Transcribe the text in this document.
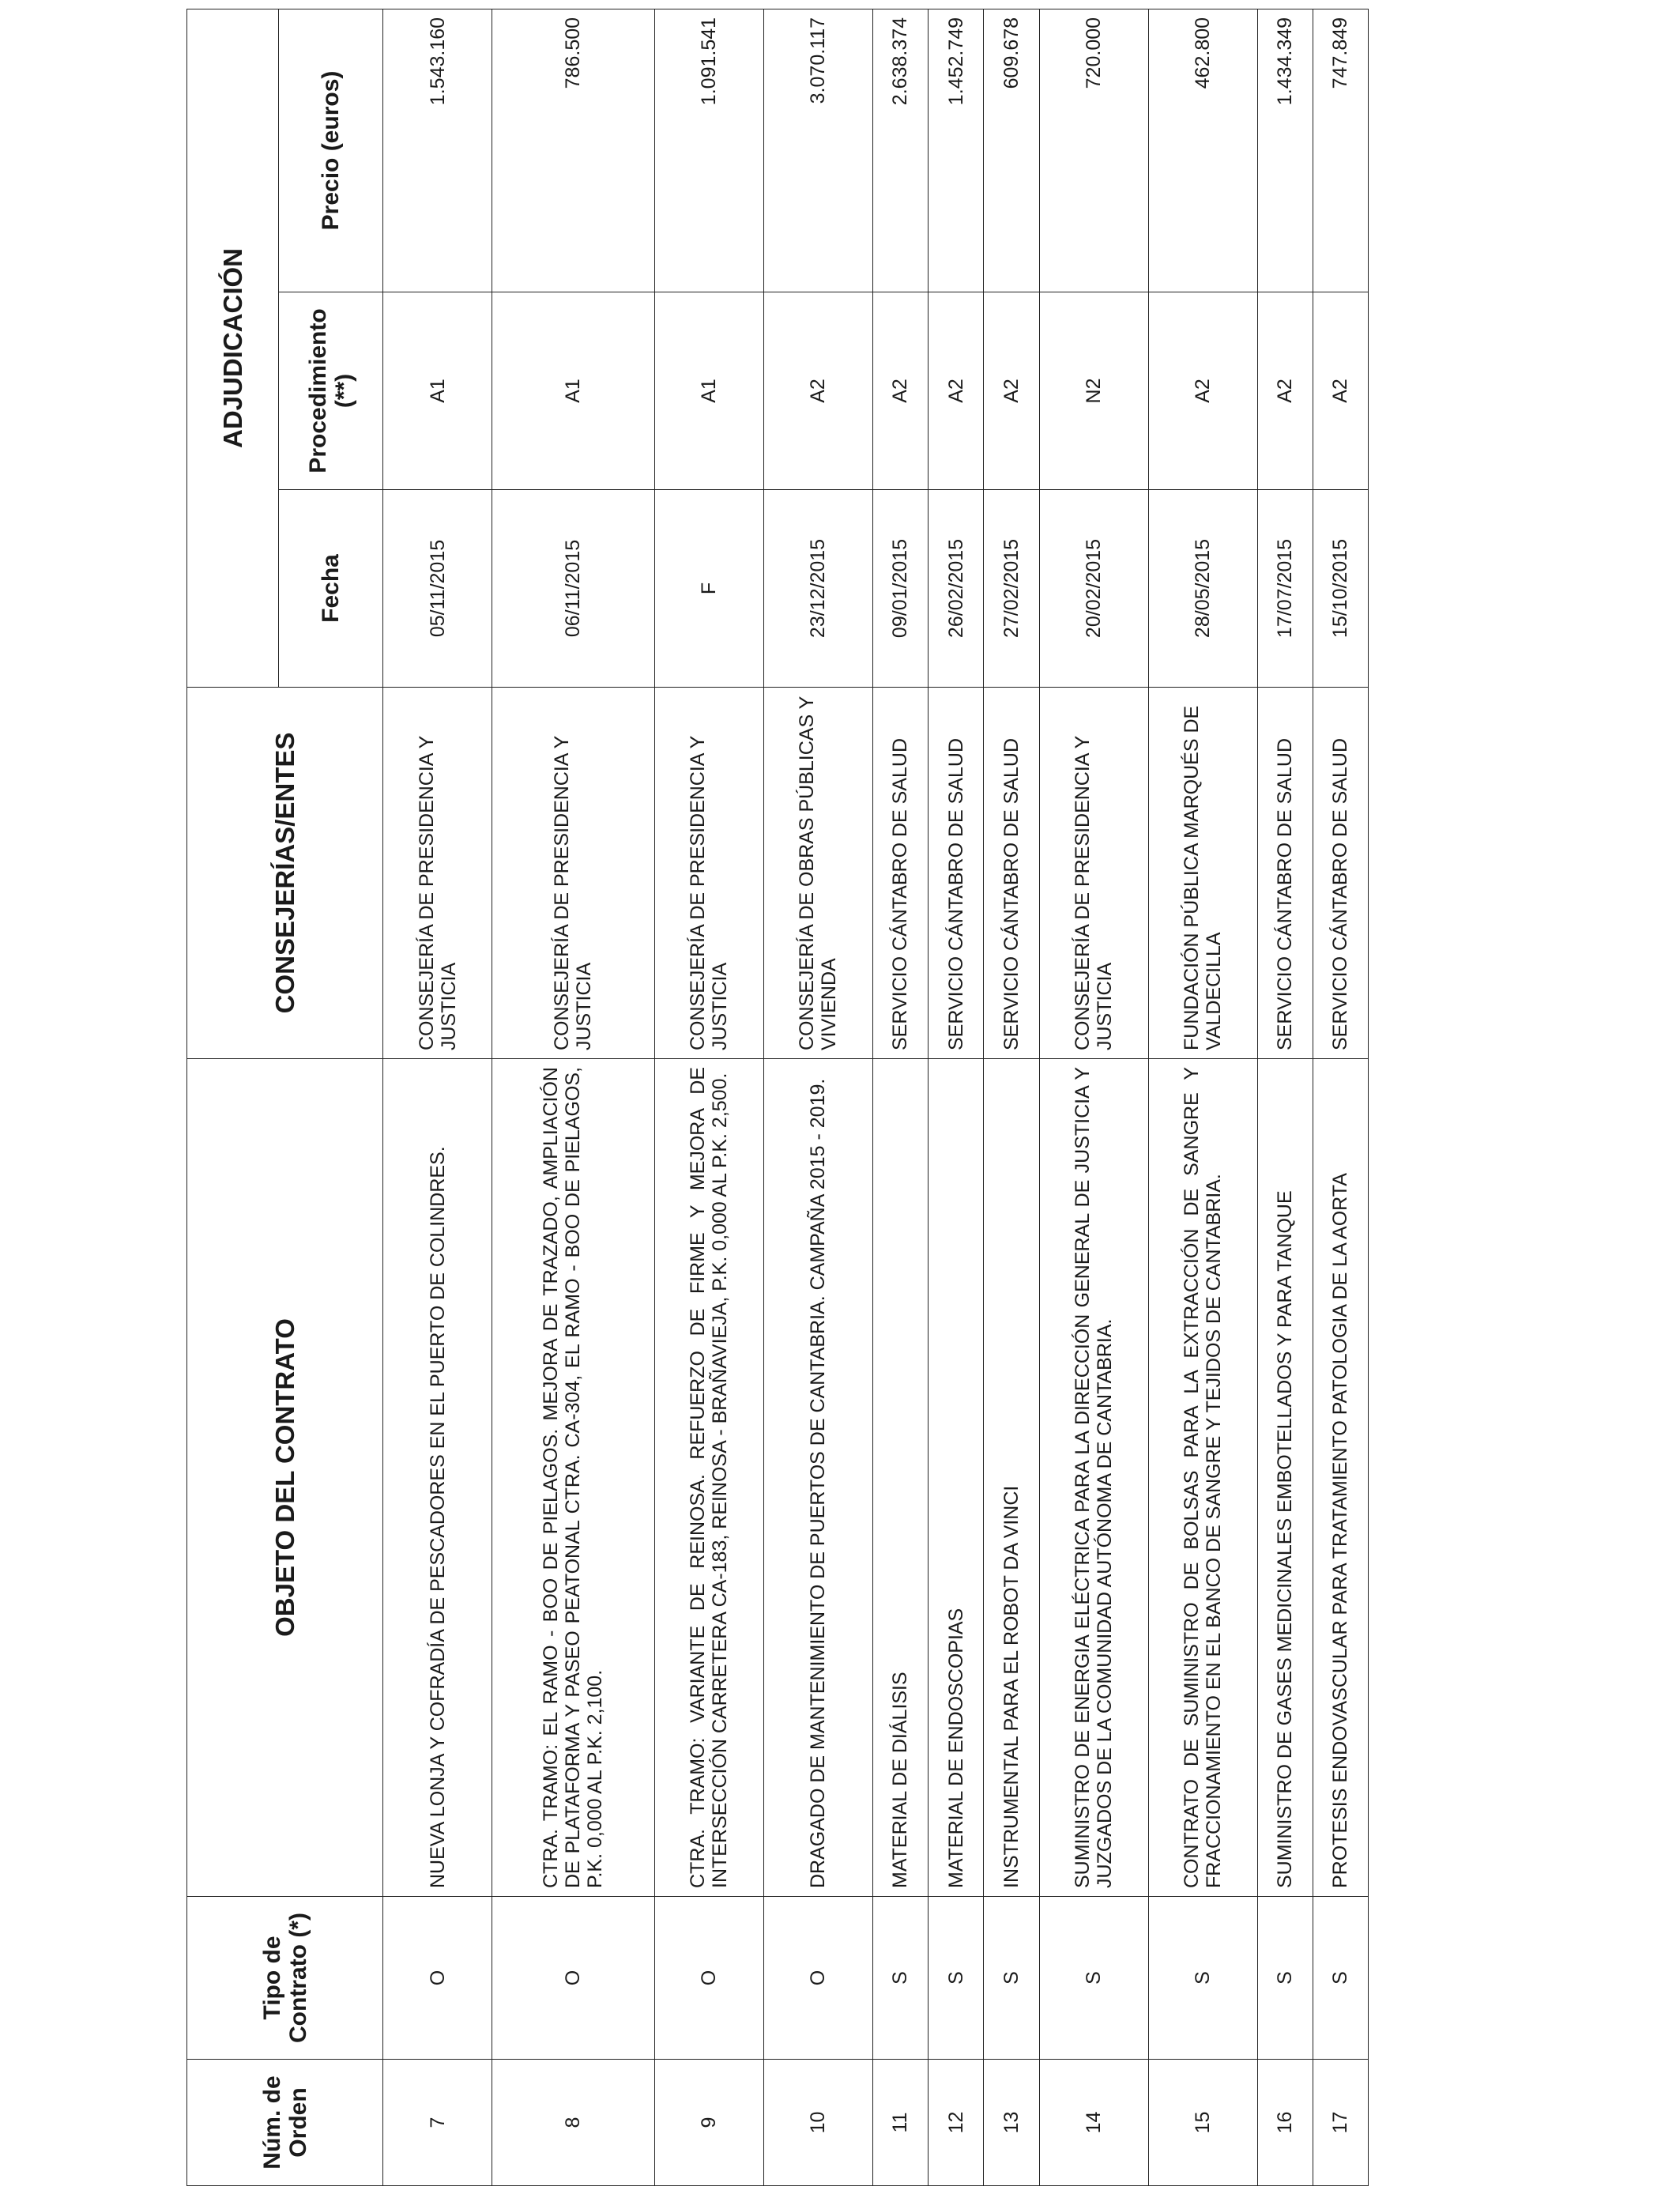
Núm. de Orden	Tipo de Contrato (*)	OBJETO DEL CONTRATO	CONSEJERÍAS/ENTES	ADJUDICACIÓN		
				Fecha	Procedimiento (**)	Precio (euros)
7	O	NUEVA LONJA Y COFRADÍA DE PESCADORES EN EL PUERTO DE COLINDRES.	CONSEJERÍA DE PRESIDENCIA Y JUSTICIA	05/11/2015	A1	1.543.160
8	O	CTRA. TRAMO: EL RAMO - BOO DE PIELAGOS. MEJORA DE TRAZADO, AMPLIACIÓN DE PLATAFORMA Y PASEO PEATONAL CTRA. CA-304, EL RAMO - BOO DE PIELAGOS, P.K. 0,000 AL P.K. 2,100.	CONSEJERÍA DE PRESIDENCIA Y JUSTICIA	06/11/2015	A1	786.500
9	O	CTRA. TRAMO: VARIANTE DE REINOSA. REFUERZO DE FIRME Y MEJORA DE INTERSECCIÓN CARRETERA CA-183, REINOSA - BRAÑAVIEJA, P.K. 0,000 AL P.K. 2,500.	CONSEJERÍA DE PRESIDENCIA Y JUSTICIA	F	A1	1.091.541
10	O	DRAGADO DE MANTENIMIENTO DE PUERTOS DE CANTABRIA. CAMPAÑA 2015 - 2019.	CONSEJERÍA DE OBRAS PÚBLICAS Y VIVIENDA	23/12/2015	A2	3.070.117
11	S	MATERIAL DE DIÁLISIS	SERVICIO CÁNTABRO DE SALUD	09/01/2015	A2	2.638.374
12	S	MATERIAL DE ENDOSCOPIAS	SERVICIO CÁNTABRO DE SALUD	26/02/2015	A2	1.452.749
13	S	INSTRUMENTAL PARA EL ROBOT DA VINCI	SERVICIO CÁNTABRO DE SALUD	27/02/2015	A2	609.678
14	S	SUMINISTRO DE ENERGIA ELÉCTRICA PARA LA DIRECCIÓN GENERAL DE JUSTICIA Y JUZGADOS DE LA COMUNIDAD AUTÓNOMA DE CANTABRIA.	CONSEJERÍA DE PRESIDENCIA Y JUSTICIA	20/02/2015	N2	720.000
15	S	CONTRATO DE SUMINISTRO DE BOLSAS PARA LA EXTRACCIÓN DE SANGRE Y FRACCIONAMIENTO EN EL BANCO DE SANGRE Y TEJIDOS DE CANTABRIA.	FUNDACIÓN PÚBLICA MARQUÉS DE VALDECILLA	28/05/2015	A2	462.800
16	S	SUMINISTRO DE GASES MEDICINALES EMBOTELLADOS Y PARA TANQUE	SERVICIO CÁNTABRO DE SALUD	17/07/2015	A2	1.434.349
17	S	PROTESIS ENDOVASCULAR PARA TRATAMIENTO PATOLOGIA DE LA AORTA	SERVICIO CÁNTABRO DE SALUD	15/10/2015	A2	747.849
